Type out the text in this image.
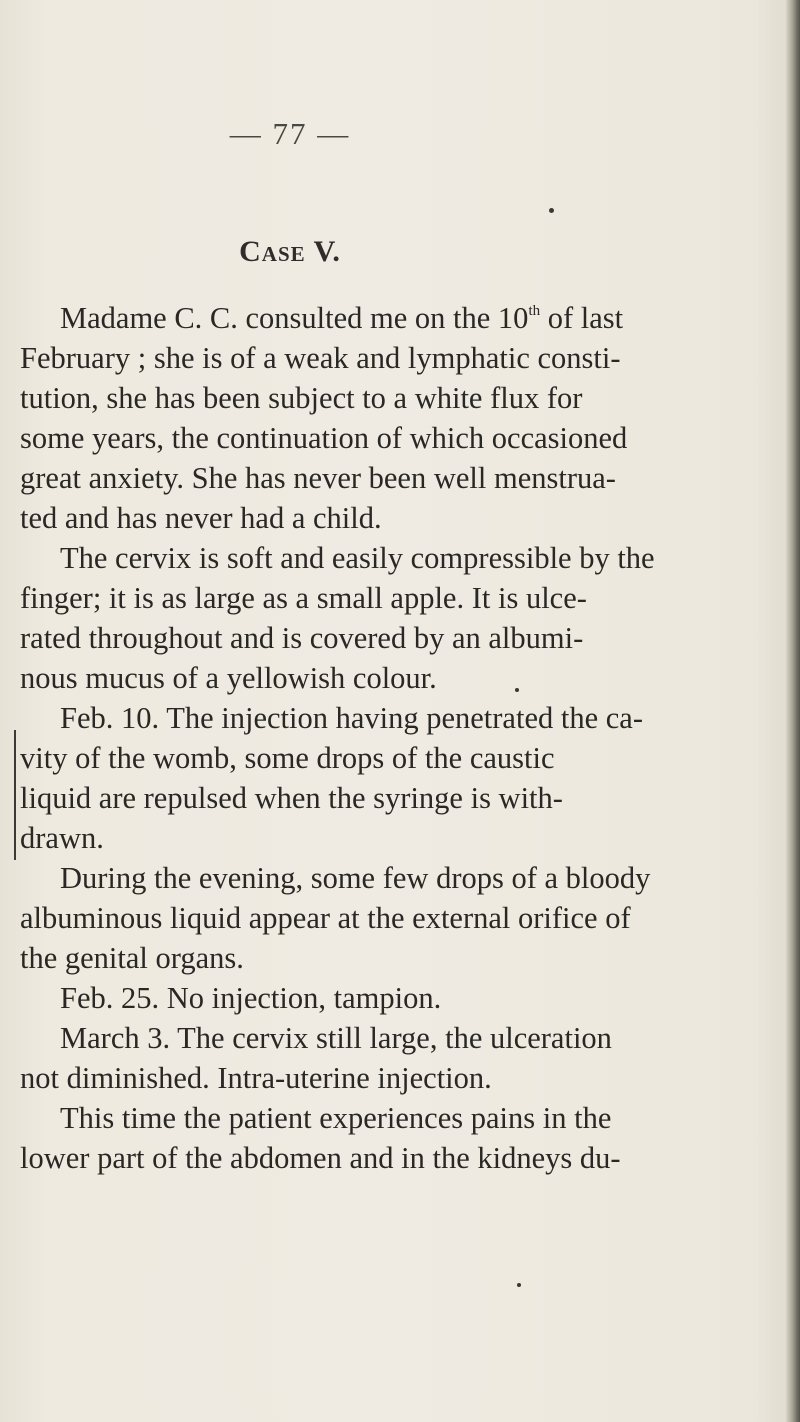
— 77 —

Case V.
Madame C. C. consulted me on the 10th of last
February ; she is of a weak and lymphatic consti-
tution, she has been subject to a white flux for
some years, the continuation of which occasioned
great anxiety. She has never been well menstrua-
ted and has never had a child.
The cervix is soft and easily compressible by the
finger; it is as large as a small apple. It is ulce-
rated throughout and is covered by an albumi-
nous mucus of a yellowish colour.
Feb. 10. The injection having penetrated the ca-
vity of the womb, some drops of the caustic
liquid are repulsed when the syringe is with-
drawn.
During the evening, some few drops of a bloody
albuminous liquid appear at the external orifice of
the genital organs.
Feb. 25. No injection, tampion.
March 3. The cervix still large, the ulceration
not diminished. Intra-uterine injection.
This time the patient experiences pains in the
lower part of the abdomen and in the kidneys du-
